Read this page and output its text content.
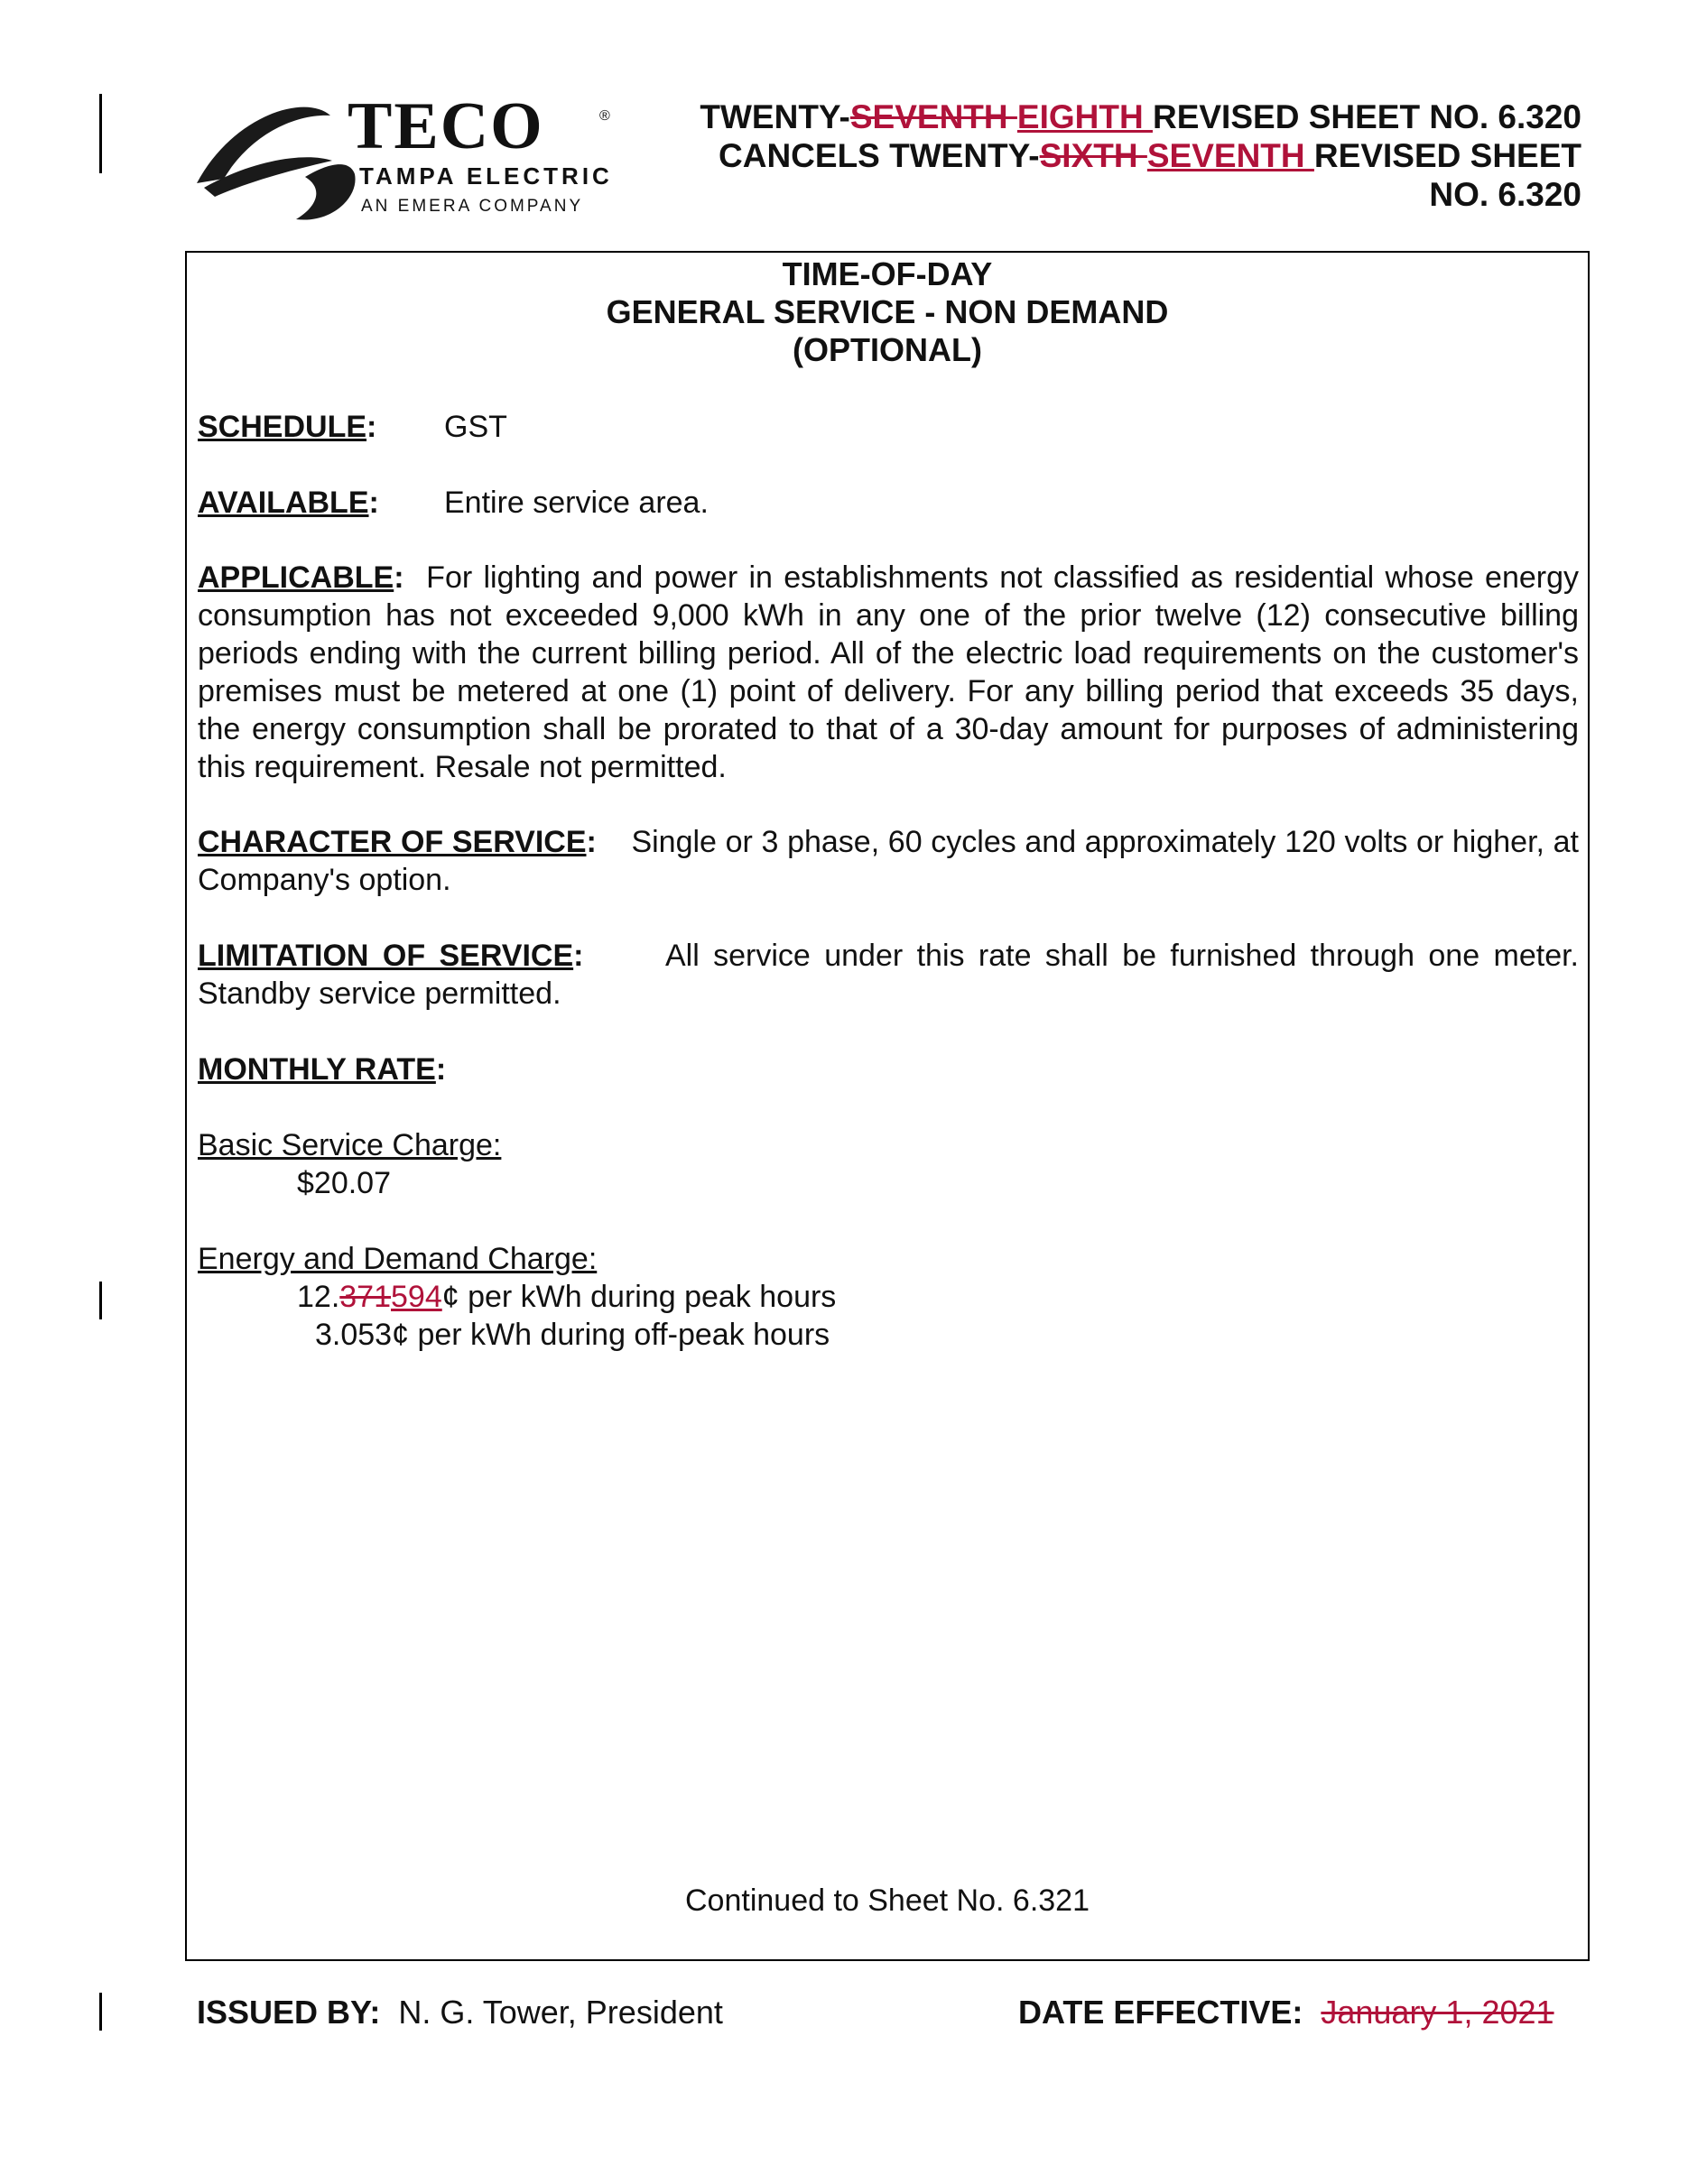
TECO	®
TAMPA ELECTRIC
AN EMERA COMPANY
TWENTY-SEVENTH EIGHTH REVISED SHEET NO. 6.320
CANCELS TWENTY-SIXTH SEVENTH REVISED SHEET
NO. 6.320
TIME-OF-DAY
GENERAL SERVICE - NON DEMAND
(OPTIONAL)
SCHEDULE: GST
AVAILABLE: Entire service area.
APPLICABLE: For lighting and power in establishments not classified as residential whose energy consumption has not exceeded 9,000 kWh in any one of the prior twelve (12) consecutive billing periods ending with the current billing period. All of the electric load requirements on the customer's premises must be metered at one (1) point of delivery. For any billing period that exceeds 35 days, the energy consumption shall be prorated to that of a 30-day amount for purposes of administering this requirement. Resale not permitted.
CHARACTER OF SERVICE: Single or 3 phase, 60 cycles and approximately 120 volts or higher, at Company's option.
LIMITATION OF SERVICE:	All service under this rate shall be furnished through one meter. Standby service permitted.
MONTHLY RATE:
Basic Service Charge:
$20.07
Energy and Demand Charge:
12.371594¢ per kWh during peak hours
3.053¢ per kWh during off-peak hours
Continued to Sheet No. 6.321
ISSUED BY: N. G. Tower, President	DATE EFFECTIVE: January 1, 2021
